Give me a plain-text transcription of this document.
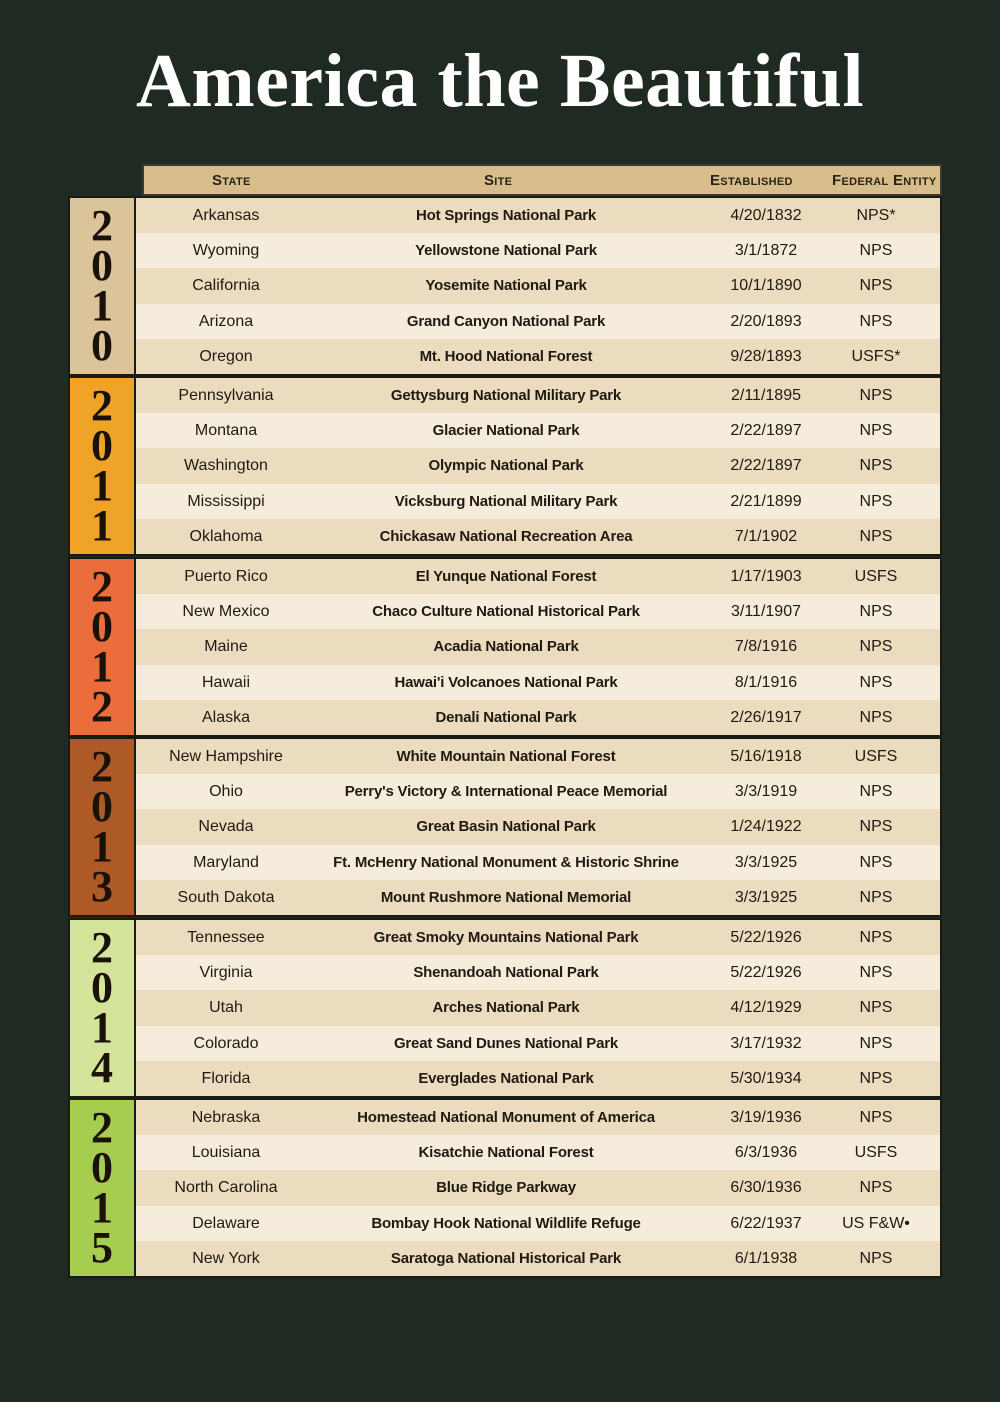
America the Beautiful
State	Site	Established	Federal Entity
2
0
1
0
Arkansas	Hot Springs National Park	4/20/1832	NPS*
Wyoming	Yellowstone National Park	3/1/1872	NPS
California	Yosemite National Park	10/1/1890	NPS
Arizona	Grand Canyon National Park	2/20/1893	NPS
Oregon	Mt. Hood National Forest	9/28/1893	USFS*
2
0
1
1
Pennsylvania	Gettysburg National Military Park	2/11/1895	NPS
Montana	Glacier National Park	2/22/1897	NPS
Washington	Olympic National Park	2/22/1897	NPS
Mississippi	Vicksburg National Military Park	2/21/1899	NPS
Oklahoma	Chickasaw National Recreation Area	7/1/1902	NPS
2
0
1
2
Puerto Rico	El Yunque National Forest	1/17/1903	USFS
New Mexico	Chaco Culture National Historical Park	3/11/1907	NPS
Maine	Acadia National Park	7/8/1916	NPS
Hawaii	Hawai'i Volcanoes National Park	8/1/1916	NPS
Alaska	Denali National Park	2/26/1917	NPS
2
0
1
3
New Hampshire	White Mountain National Forest	5/16/1918	USFS
Ohio	Perry's Victory & International Peace Memorial	3/3/1919	NPS
Nevada	Great Basin National Park	1/24/1922	NPS
Maryland	Ft. McHenry National Monument & Historic Shrine	3/3/1925	NPS
South Dakota	Mount Rushmore National Memorial	3/3/1925	NPS
2
0
1
4
Tennessee	Great Smoky Mountains National Park	5/22/1926	NPS
Virginia	Shenandoah National Park	5/22/1926	NPS
Utah	Arches National Park	4/12/1929	NPS
Colorado	Great Sand Dunes National Park	3/17/1932	NPS
Florida	Everglades National Park	5/30/1934	NPS
2
0
1
5
Nebraska	Homestead National Monument of America	3/19/1936	NPS
Louisiana	Kisatchie National Forest	6/3/1936	USFS
North Carolina	Blue Ridge Parkway	6/30/1936	NPS
Delaware	Bombay Hook National Wildlife Refuge	6/22/1937	US F&W•
New York	Saratoga National Historical Park	6/1/1938	NPS
